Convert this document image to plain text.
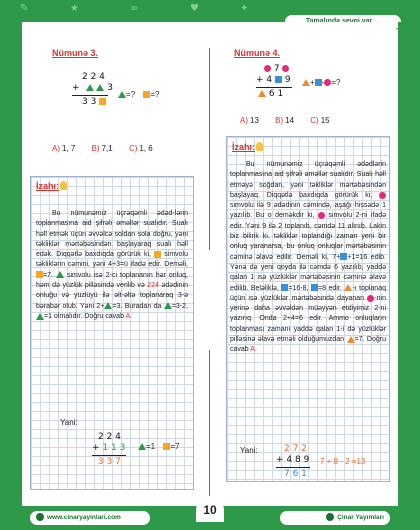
✎	★	∞	♥	✦
Nümunə 3.
2 2 4
+	3
3 3
=? =?
A) 1, 7 B) 7,1 C) 1, 6
Nümunə 4.
7
+ 4 9
6 1
+ - =?
A) 13 B) 14 C) 15
İzahı:
Bu nümunəmiz üçrəqəmli ədəd-lərin toplanmasına aid şifrəli əməllər sualıdır. Sualı həll etmək üçün əvvəlcə soldan sola doğru, yəni təkliklər mərtəbəsindən başlayaraq sualı həll edək. Diqqətlə baxdıqda görürük ki, simvolu təkliklərin cəmini, yəni 4+3=ü ifadə edir. Deməli, =7. simvolu isə 2-ci toplananın hər onluq, həm də yüzlük pilləsində verilib və 224 ədədinin onluğu və yüzlüyü ilə əlt-əltə toplanaraq 3-ə bərabər olub. Yəni 2+ =3. Buradan da =3-2, =1 olmalıdır. Doğru cavab A.
Yani:
2 2 4
+ 1 1 3
3 3 7
=1 =7
İzahı:
Bu nümunəmiz üçrəqəmli ədədlərin toplanmasına aid şifrəli əməllər sualıdır. Sualı həll etməyə soğdan, yəni təkliklər mərtəbəsindən başlayaq. Diqqətlə baxdıqda görürük ki,  simvolu ilə 9 ədədinin cəmində, aşağı hissədə 1 yazılıb. Bu o deməkdir ki, simvolu 2-ni ifadə edir. Yəni 9 ilə 2 toplanıb, cəmdə 11 alınıb. Lakin biz bilirik ki, təkliklər toplandığı zaman yeni bir onluq yaranarsa, bu onluq onluqlar mərtəbəsinin cəminə əlavə edilir. Deməli ki, 7+ +1=16 edib. Yənə də yeni qoyda ilə cəmdə 6 yazılıb, yaddə qalan 1 isə yüzlüklər mərtəbəsinin cəminə əlavə edilib. Beləliklə, =16-8, =8 edir. -ı toplanaq üçün isə yüzlüklər mərtəbəsində dayanan -nin yerinə daha əvvəldən müəyyən etdiyimiz 2-ni yazırıq. Onda 2+4=6 edir. Ammo onluqların toplanması zamanı yaddə qalan 1-i də yüzlüklər pilləsinə əlavə etməli olduğumuzdan =7. Doğru cavab A.
Yani:	2 7 2
+ 4 8 9
7 6 1
7 + 8 - 2 =13
www.cinaryayinlari.com
10
Çinar Yayımları
